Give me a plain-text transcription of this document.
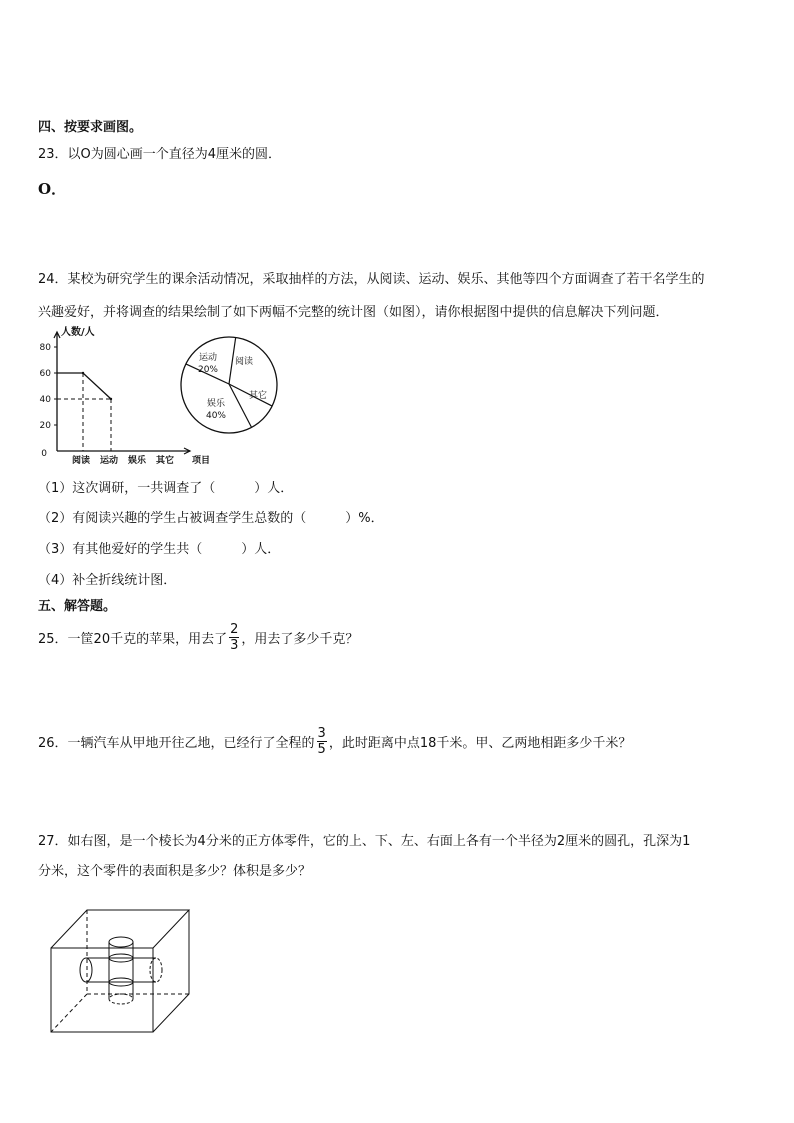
四、按要求画图。
23．以O为圆心画一个直径为4厘米的圆．
O．
24．某校为研究学生的课余活动情况，采取抽样的方法，从阅读、运动、娱乐、其他等四个方面调查了若干名学生的
兴趣爱好，并将调查的结果绘制了如下两幅不完整的统计图（如图），请你根据图中提供的信息解决下列问题．
人数/人
0
20
40
60
80
阅读 运动 娱乐 其它 项目
运动
20%
阅读
其它
娱乐
40%
（1）这次调研，一共调查了（　　　）人．
（2）有阅读兴趣的学生占被调查学生总数的（　　　）%．
（3）有其他爱好的学生共（　　　）人．
（4）补全折线统计图．
五、解答题。
25．一筐20千克的苹果，用去了 $\frac{2}{3}$ ，用去了多少千克？
26．一辆汽车从甲地开往乙地，已经行了全程的 $\frac{3}{5}$ ，此时距离中点18千米。甲、乙两地相距多少千米？
27．如右图，是一个棱长为4分米的正方体零件，它的上、下、左、右面上各有一个半径为2厘米的圆孔，孔深为1
分米，这个零件的表面积是多少？体积是多少？
